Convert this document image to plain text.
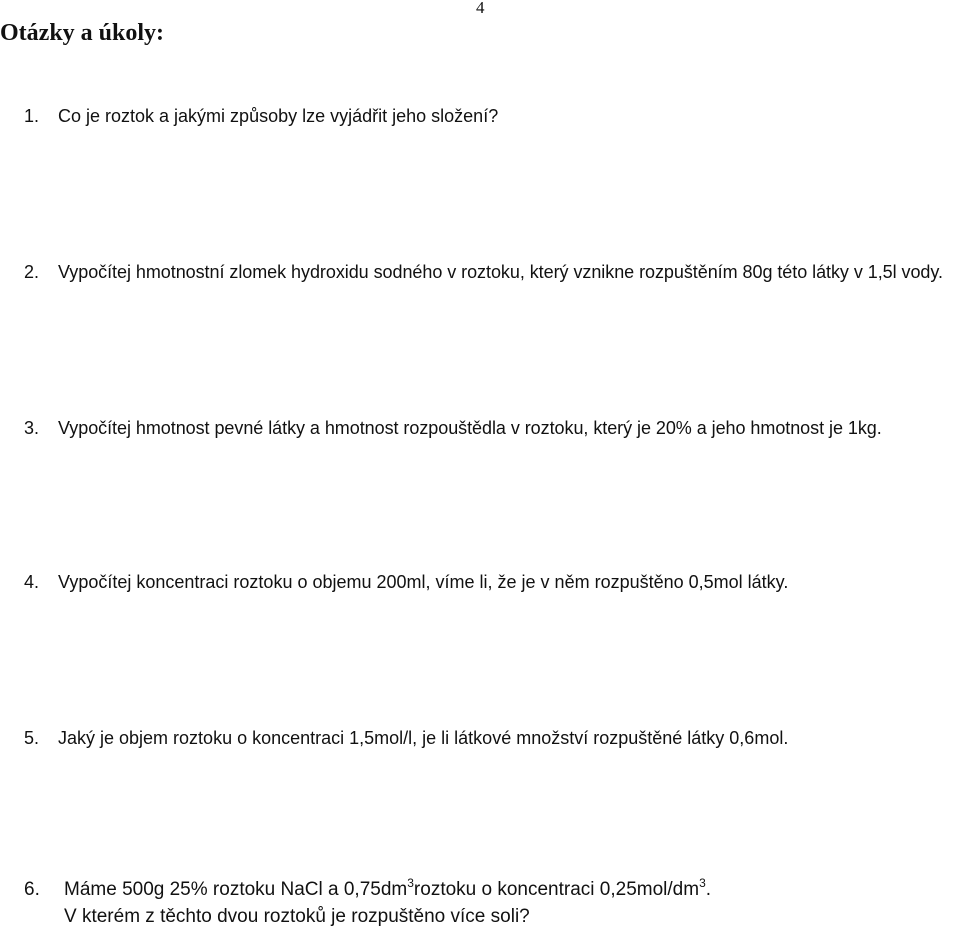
4
Otázky a úkoly:
1.	Co je roztok a jakými způsoby lze vyjádřit jeho složení?
2.	Vypočítej hmotnostní zlomek hydroxidu sodného v roztoku, který vznikne rozpuštěním 80g této látky v 1,5l vody.
3.	Vypočítej hmotnost pevné látky a hmotnost rozpouštědla v roztoku, který je 20% a jeho hmotnost je 1kg.
4.	Vypočítej koncentraci roztoku o objemu 200ml, víme li, že je v něm rozpuštěno 0,5mol látky.
5.	Jaký je objem roztoku o koncentraci 1,5mol/l, je li látkové množství rozpuštěné látky 0,6mol.
6.	Máme 500g 25% roztoku NaCl a $0,75dm^3roztoku$ o koncentraci $0,25mol/dm^3$.
V kterém z těchto dvou roztoků je rozpuštěno více soli?
